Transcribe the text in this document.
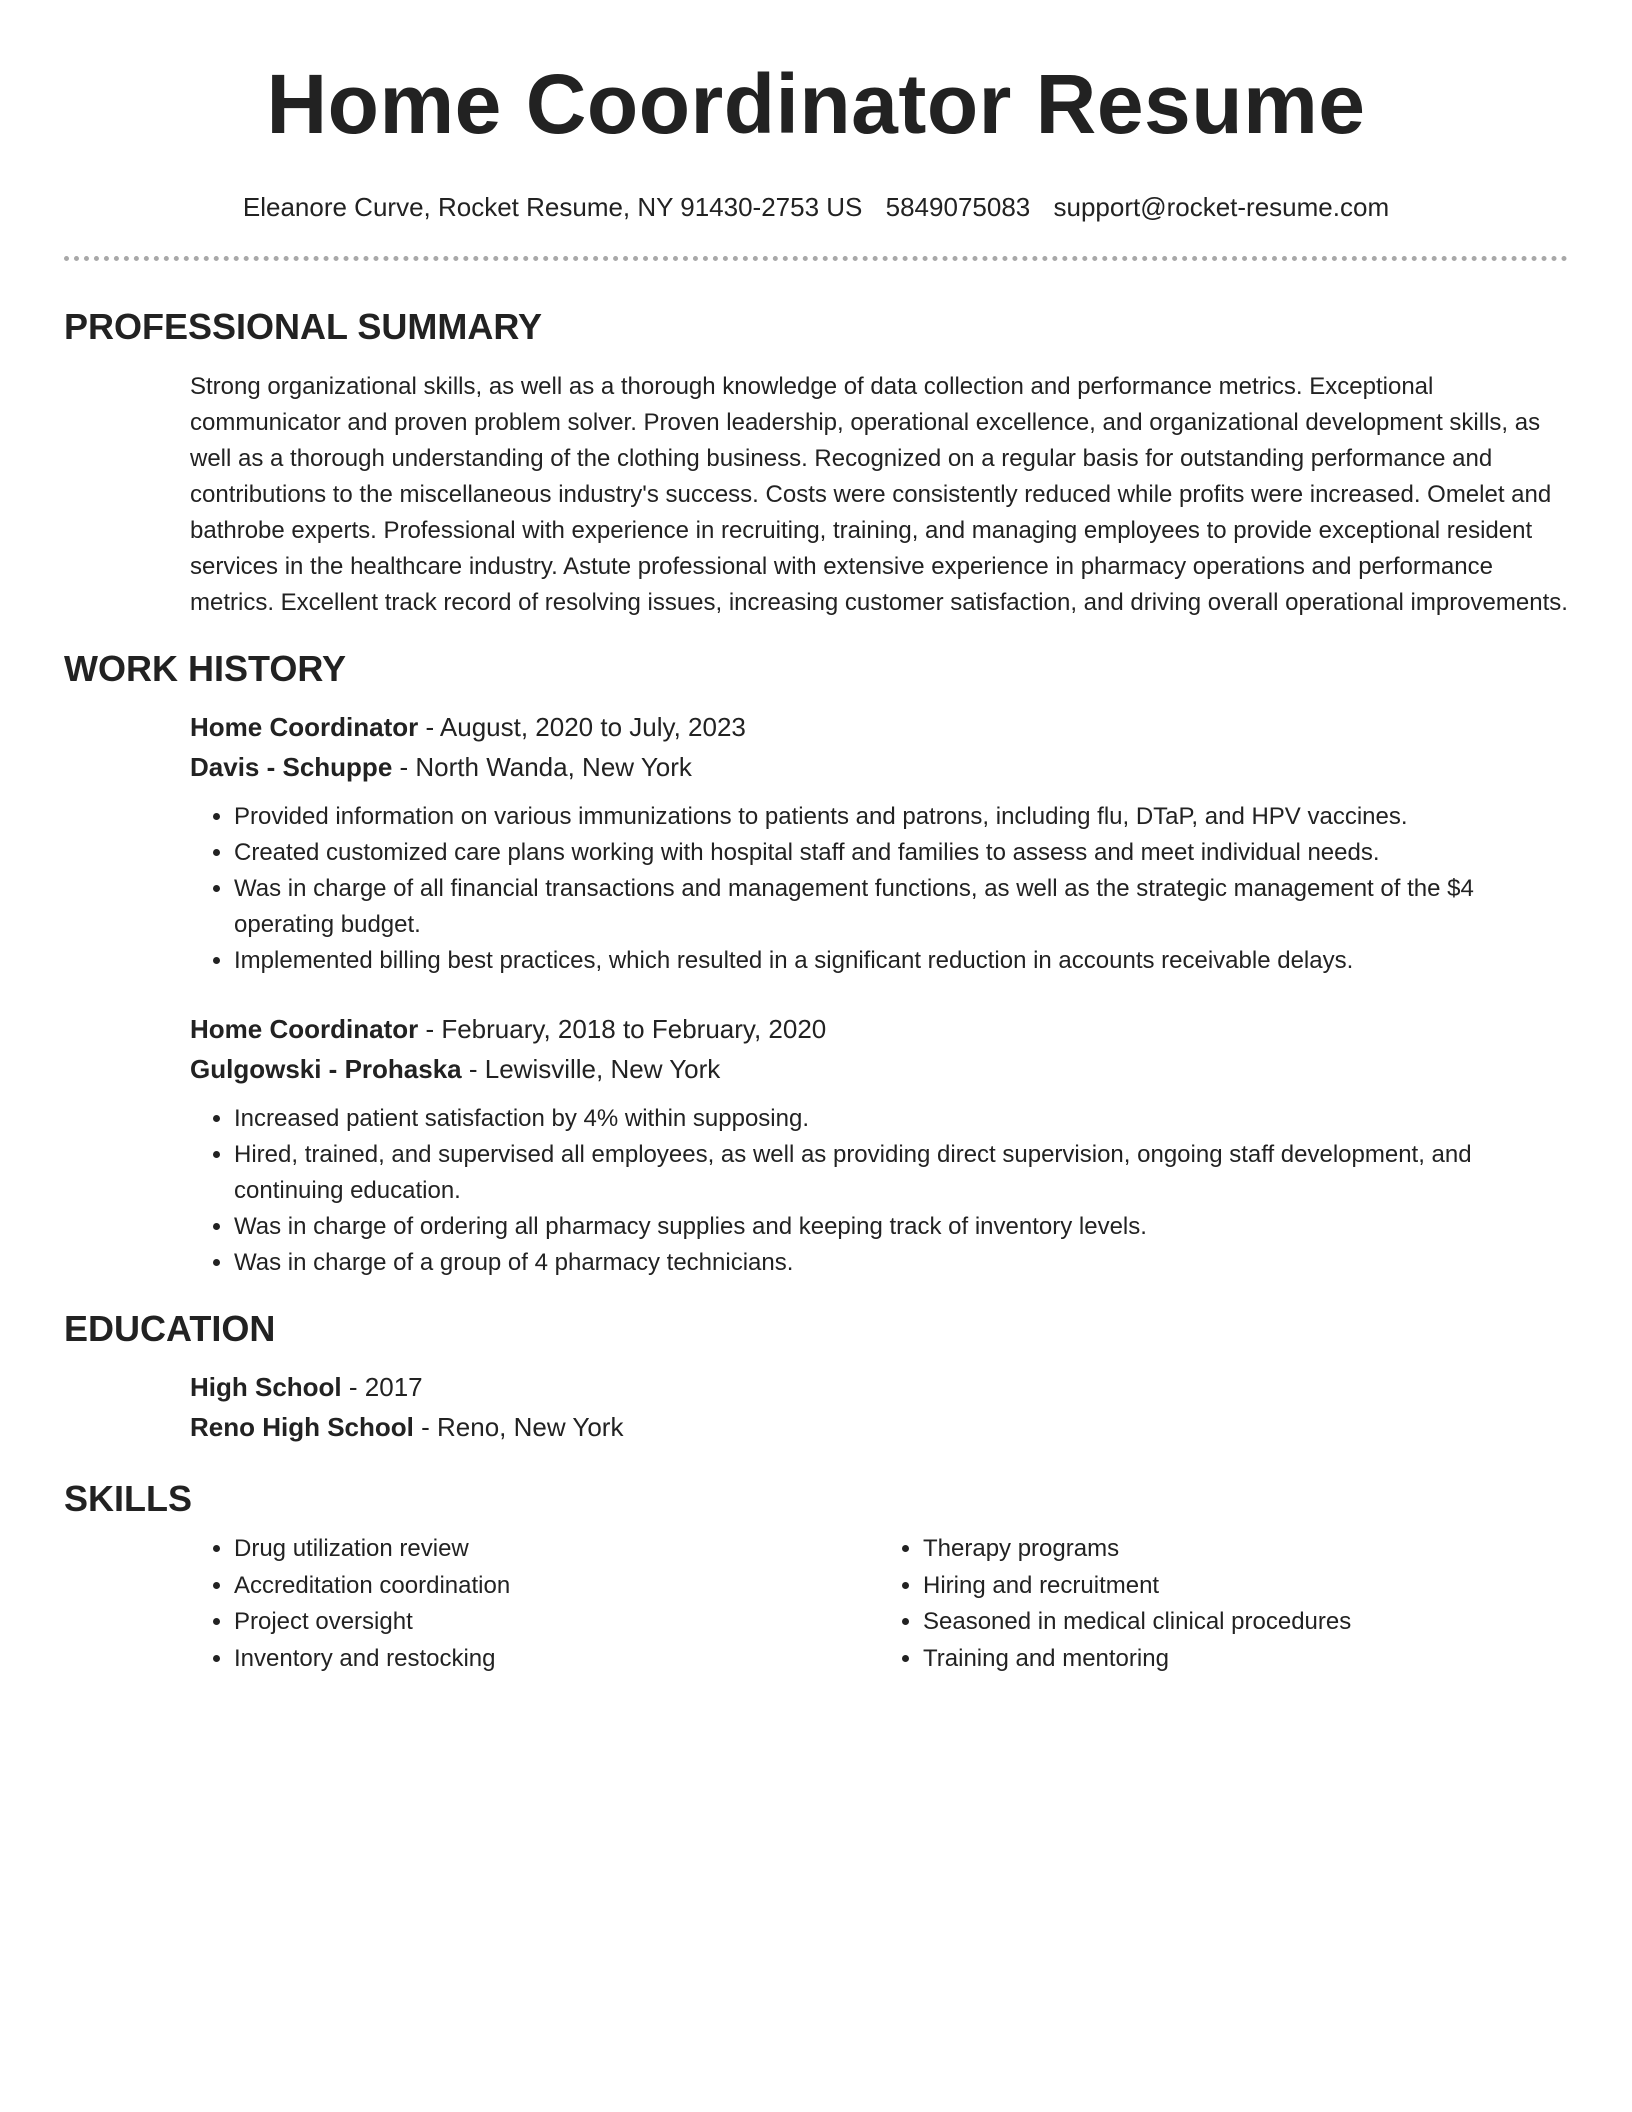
Home Coordinator Resume
Eleanore Curve, Rocket Resume, NY 91430-2753 US 5849075083 support@rocket-resume.com
PROFESSIONAL SUMMARY

Strong organizational skills, as well as a thorough knowledge of data collection and performance metrics. Exceptional communicator and proven problem solver. Proven leadership, operational excellence, and organizational development skills, as well as a thorough understanding of the clothing business. Recognized on a regular basis for outstanding performance and contributions to the miscellaneous industry's success. Costs were consistently reduced while profits were increased. Omelet and bathrobe experts. Professional with experience in recruiting, training, and managing employees to provide exceptional resident services in the healthcare industry. Astute professional with extensive experience in pharmacy operations and performance metrics. Excellent track record of resolving issues, increasing customer satisfaction, and driving overall operational improvements.

WORK HISTORY
Home Coordinator - August, 2020 to July, 2023
Davis - Schuppe - North Wanda, New York
• Provided information on various immunizations to patients and patrons, including flu, DTaP, and HPV vaccines.
• Created customized care plans working with hospital staff and families to assess and meet individual needs.
• Was in charge of all financial transactions and management functions, as well as the strategic management of the $4 operating budget.
• Implemented billing best practices, which resulted in a significant reduction in accounts receivable delays.
Home Coordinator - February, 2018 to February, 2020
Gulgowski - Prohaska - Lewisville, New York
• Increased patient satisfaction by 4% within supposing.
• Hired, trained, and supervised all employees, as well as providing direct supervision, ongoing staff development, and continuing education.
• Was in charge of ordering all pharmacy supplies and keeping track of inventory levels.
• Was in charge of a group of 4 pharmacy technicians.
EDUCATION
High School - 2017
Reno High School - Reno, New York
SKILLS
• Drug utilization review
• Accreditation coordination
• Project oversight
• Inventory and restocking
• Therapy programs
• Hiring and recruitment
• Seasoned in medical clinical procedures
• Training and mentoring
